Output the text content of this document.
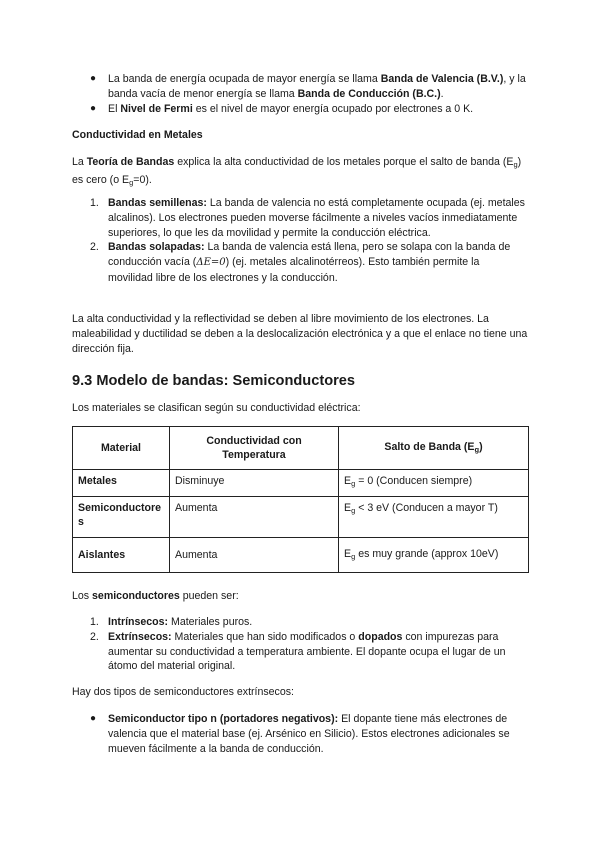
● La banda de energía ocupada de mayor energía se llama Banda de Valencia (B.V.), y la banda vacía de menor energía se llama Banda de Conducción (B.C.).
● El Nivel de Fermi es el nivel de mayor energía ocupado por electrones a 0 K.
Conductividad en Metales

La Teoría de Bandas explica la alta conductividad de los metales porque el salto de banda $(E_g)$ es cero (o $E_g=0$).

1. Bandas semillenas: La banda de valencia no está completamente ocupada (ej. metales alcalinos). Los electrones pueden moverse fácilmente a niveles vacíos inmediatamente superiores, lo que les da movilidad y permite la conducción eléctrica.
2. Bandas solapadas: La banda de valencia está llena, pero se solapa con la banda de conducción vacía (ΔE=0) (ej. metales alcalinotérreos). Esto también permite la movilidad libre de los electrones y la conducción.

La alta conductividad y la reflectividad se deben al libre movimiento de los electrones. La maleabilidad y ductilidad se deben a la deslocalización electrónica y a que el enlace no tiene una dirección fija.

9.3 Modelo de bandas: Semiconductores

Los materiales se clasifican según su conductividad eléctrica:

Material	Conductividad con Temperatura	Salto de Banda $(E_g)$
Metales	Disminuye	$E_g = 0$ (Conducen siempre)
Semiconductores	Aumenta	$E_g < 3$ eV (Conducen a mayor T)
Aislantes	Aumenta	$E_g$ es muy grande (approx 10eV)

Los semiconductores pueden ser:

1. Intrínsecos: Materiales puros.
2. Extrínsecos: Materiales que han sido modificados o dopados con impurezas para aumentar su conductividad a temperatura ambiente. El dopante ocupa el lugar de un átomo del material original.

Hay dos tipos de semiconductores extrínsecos:

● Semiconductor tipo n (portadores negativos): El dopante tiene más electrones de valencia que el material base (ej. Arsénico en Silicio). Estos electrones adicionales se mueven fácilmente a la banda de conducción.
